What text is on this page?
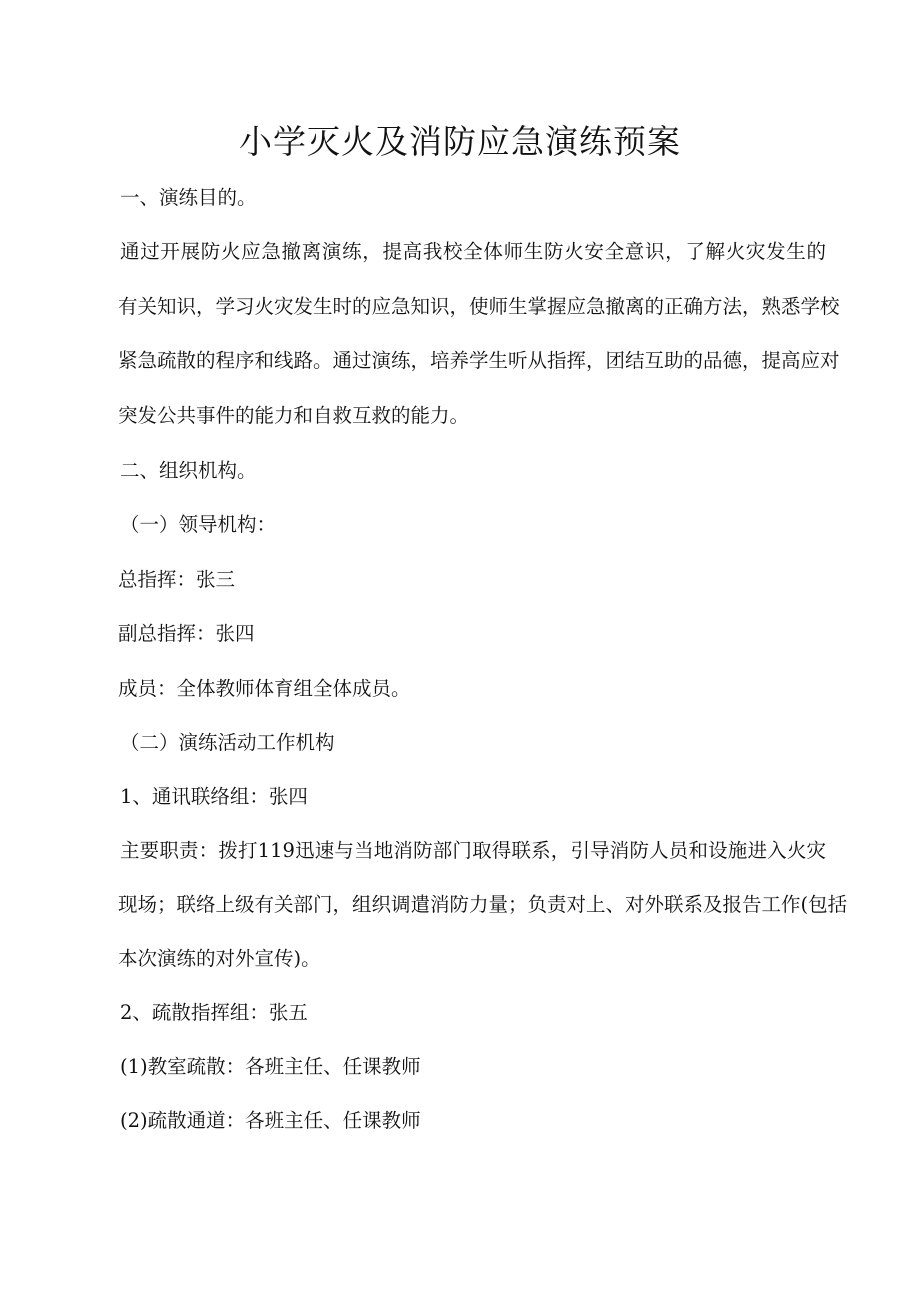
小学灭火及消防应急演练预案

一、演练目的。

通过开展防火应急撤离演练，提高我校全体师生防火安全意识，了解火灾发生的

有关知识，学习火灾发生时的应急知识，使师生掌握应急撤离的正确方法，熟悉学校

紧急疏散的程序和线路。通过演练，培养学生听从指挥，团结互助的品德，提高应对

突发公共事件的能力和自救互救的能力。

二、组织机构。

（一）领导机构：

总指挥：张三

副总指挥：张四

成员：全体教师体育组全体成员。

（二）演练活动工作机构

1、通讯联络组：张四

主要职责：拨打119迅速与当地消防部门取得联系，引导消防人员和设施进入火灾

现场；联络上级有关部门，组织调遣消防力量；负责对上、对外联系及报告工作(包括

本次演练的对外宣传)。

2、疏散指挥组：张五

(1)教室疏散：各班主任、任课教师

(2)疏散通道：各班主任、任课教师
